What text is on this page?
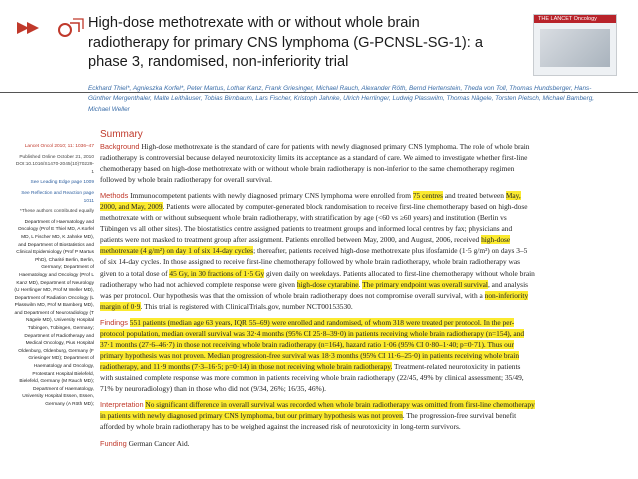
High-dose methotrexate with or without whole brain radiotherapy for primary CNS lymphoma (G-PCNSL-SG-1): a phase 3, randomised, non-inferiority trial
THE LANCET Oncology
Eckhard Thiel*, Agnieszka Korfel*, Peter Martus, Lothar Kanz, Frank Griesinger, Michael Rauch, Alexander Röth, Bernd Hertenstein, Theda von Toll, Thomas Hundsberger, Hans-Günther Mergenthaler, Malte Leithäuser, Tobias Birnbaum, Lars Fischer, Kristoph Jahnke, Ulrich Herrlinger, Ludwig Plasswilm, Thomas Nägele, Torsten Pietsch, Michael Bamberg, Michael Weller

Lancet Oncol 2010; 11: 1036–47

Published Online October 21, 2010 DOI:10.1016/S1470-2045(10)70229-1

See Leading Edge page 1009

See Reflection and Reaction page 1011

*These authors contributed equally

Department of Haematology and Oncology (Prof E Thiel MD, A Korfel MD, L Fischer MD, K Jahnke MD), and Department of Biostatistics and Clinical Epidemiology (Prof P Martus PhD), Charité Berlin, Berlin, Germany; Department of Haematology and Oncology (Prof L Kanz MD), Department of Neurology (U Herrlinger MD, Prof M Weller MD), Department of Radiation Oncology (L Plasswilm MD, Prof M Bamberg MD), and Department of Neuroradiology (T Nägele MD), University Hospital Tübingen, Tübingen, Germany; Department of Radiotherapy and Medical Oncology, Pius Hospital Oldenburg, Oldenburg, Germany (F Griesinger MD); Department of Haematology and Oncology, Protestant Hospital Bielefeld, Bielefeld, Germany (M Rauch MD); Department of Haematology, University Hospital Essen, Essen, Germany (A Röth MD);

Summary

Background High-dose methotrexate is the standard of care for patients with newly diagnosed primary CNS lymphoma. The role of whole brain radiotherapy is controversial because delayed neurotoxicity limits its acceptance as a standard of care. We aimed to investigate whether first-line chemotherapy based on high-dose methotrexate with or without whole brain radiotherapy is non-inferior to the same chemotherapy regimen followed by whole brain radiotherapy for overall survival.

Methods Immunocompetent patients with newly diagnosed primary CNS lymphoma were enrolled from 75 centres and treated between May, 2000, and May, 2009. Patients were allocated by computer-generated block randomisation to receive first-line chemotherapy based on high-dose methotrexate with or without subsequent whole brain radiotherapy, with stratification by age (<60 vs ≥60 years) and institution (Berlin vs Tübingen vs all other sites). The biostatistics centre assigned patients to treatment groups and informed local centres by fax; physicians and patients were not masked to treatment group after assignment. Patients enrolled between May, 2000, and August, 2006, received high-dose methotrexate (4 g/m²) on day 1 of six 14-day cycles; thereafter, patients received high-dose methotrexate plus ifosfamide (1·5 g/m²) on days 3–5 of six 14-day cycles. In those assigned to receive first-line chemotherapy followed by whole brain radiotherapy, whole brain radiotherapy was given to a total dose of 45 Gy, in 30 fractions of 1·5 Gy given daily on weekdays. Patients allocated to first-line chemotherapy without whole brain radiotherapy who had not achieved complete response were given high-dose cytarabine. The primary endpoint was overall survival, and analysis was per protocol. Our hypothesis was that the omission of whole brain radiotherapy does not compromise overall survival, with a non-inferiority margin of 0·9. This trial is registered with ClinicalTrials.gov, number NCT00153530.

Findings 551 patients (median age 63 years, IQR 55–69) were enrolled and randomised, of whom 318 were treated per protocol. In the per-protocol population, median overall survival was 32·4 months (95% CI 25·8–39·0) in patients receiving whole brain radiotherapy (n=154), and 37·1 months (27·6–46·7) in those not receiving whole brain radiotherapy (n=164), hazard ratio 1·06 (95% CI 0·80–1·40; p=0·71). Thus our primary hypothesis was not proven. Median progression-free survival was 18·3 months (95% CI 11·6–25·0) in patients receiving whole brain radiotherapy, and 11·9 months (7·3–16·5; p=0·14) in those not receiving whole brain radiotherapy. Treatment-related neurotoxicity in patients with sustained complete response was more common in patients receiving whole brain radiotherapy (22/45, 49% by clinical assessment; 35/49, 71% by neuroradiology) than in those who did not (9/34, 26%; 16/35, 46%).

Interpretation No significant difference in overall survival was recorded when whole brain radiotherapy was omitted from first-line chemotherapy in patients with newly diagnosed primary CNS lymphoma, but our primary hypothesis was not proven. The progression-free survival benefit afforded by whole brain radiotherapy has to be weighed against the increased risk of neurotoxicity in long-term survivors.

Funding German Cancer Aid.
